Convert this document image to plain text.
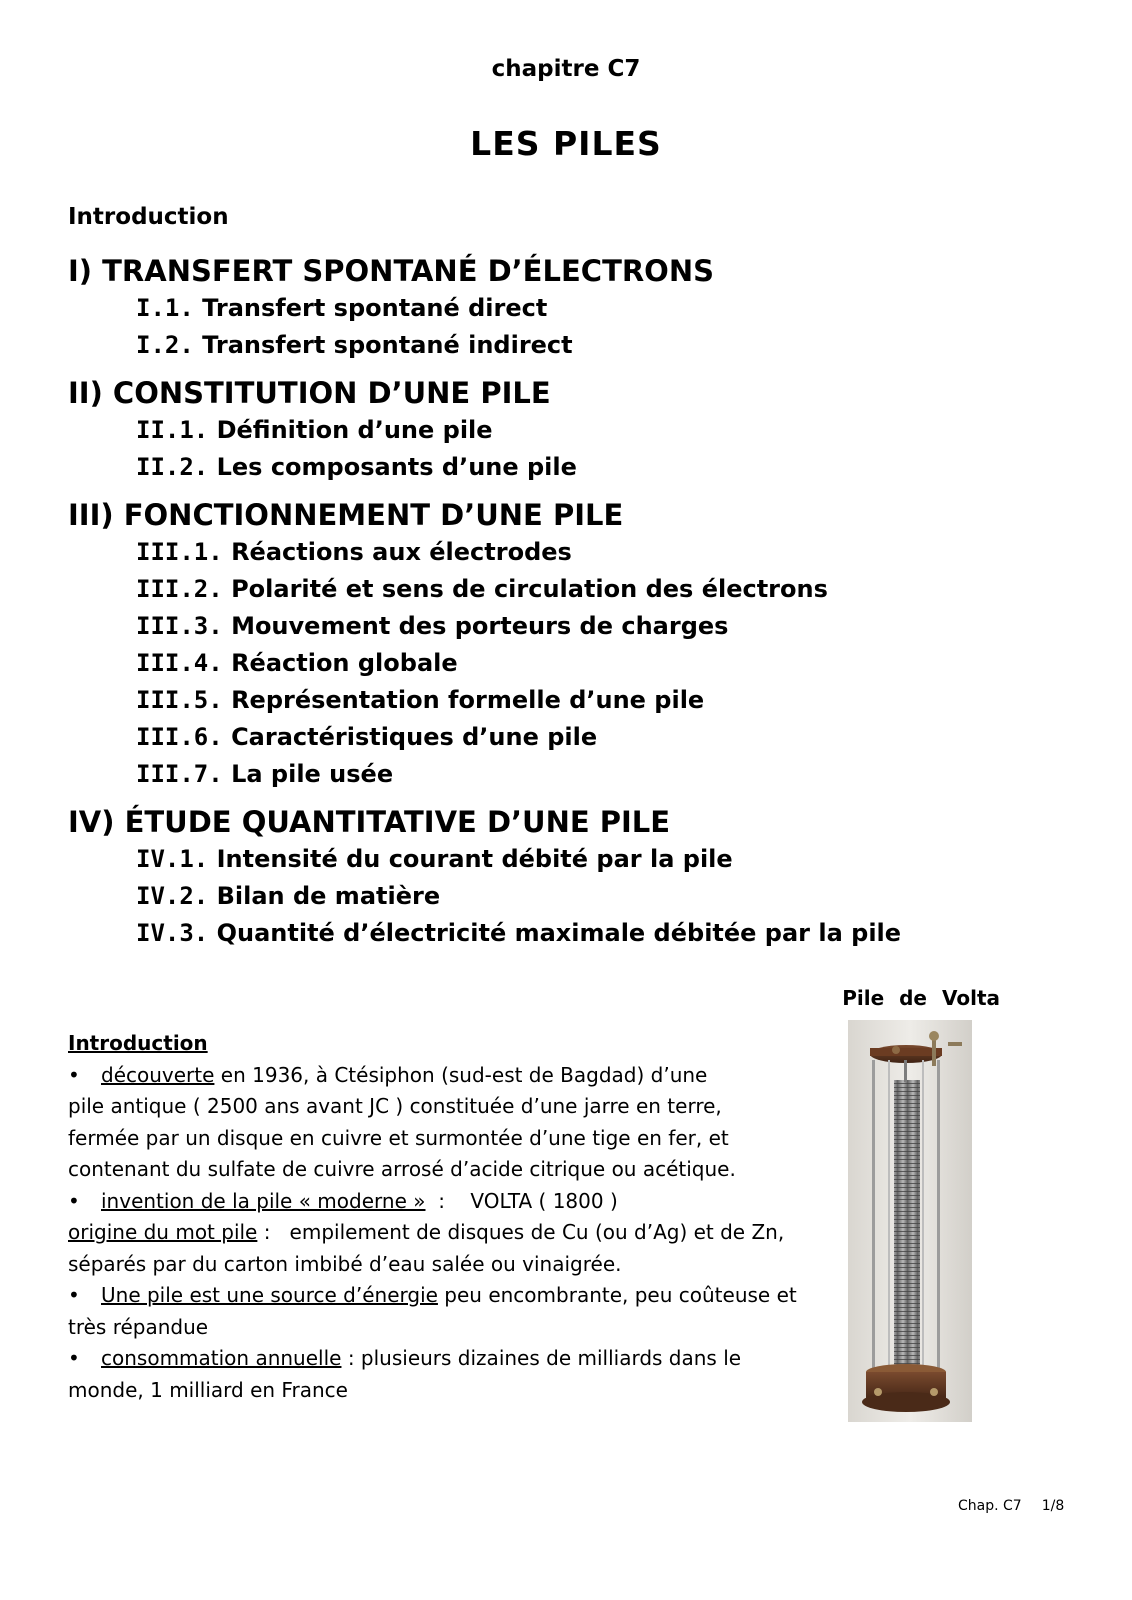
chapitre C7
LES PILES
Introduction
I) TRANSFERT SPONTANÉ D’ÉLECTRONS
I.1. Transfert spontané direct
I.2. Transfert spontané indirect
II) CONSTITUTION D’UNE PILE
II.1. Définition d’une pile
II.2. Les composants d’une pile
III) FONCTIONNEMENT D’UNE PILE
III.1. Réactions aux électrodes
III.2. Polarité et sens de circulation des électrons
III.3. Mouvement des porteurs de charges
III.4. Réaction globale
III.5. Représentation formelle d’une pile
III.6. Caractéristiques d’une pile
III.7. La pile usée
IV) ÉTUDE QUANTITATIVE D’UNE PILE
IV.1. Intensité du courant débité par la pile
IV.2. Bilan de matière
IV.3. Quantité d’électricité maximale débitée par la pile
Pile de Volta
Introduction
• découverte en 1936, à Ctésiphon (sud-est de Bagdad) d’une
pile antique ( 2500 ans avant JC ) constituée d’une jarre en terre,
fermée par un disque en cuivre et surmontée d’une tige en fer, et
contenant du sulfate de cuivre arrosé d’acide citrique ou acétique.
• invention de la pile « moderne »  :    VOLTA ( 1800 )
origine du mot pile :   empilement de disques de Cu (ou d’Ag) et de Zn,
séparés par du carton imbibé d’eau salée ou vinaigrée.
• Une pile est une source d’énergie peu encombrante, peu coûteuse et
très répandue
• consommation annuelle : plusieurs dizaines de milliards dans le
monde, 1 milliard en France
Chap. C7 1/8
